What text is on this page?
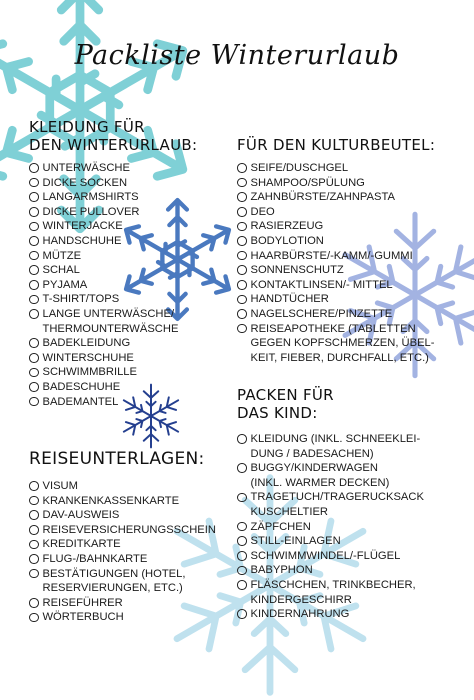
Packliste Winterurlaub
KLEIDUNG FÜR
DEN WINTERURLAUB:
UNTERWÄSCHE
DICKE SOCKEN
LANGARMSHIRTS
DICKE PULLOVER
WINTERJACKE
HANDSCHUHE
MÜTZE
SCHAL
PYJAMA
T-SHIRT/TOPS
LANGE UNTERWÄSCHE/
THERMOUNTERWÄSCHE
BADEKLEIDUNG
WINTERSCHUHE
SCHWIMMBRILLE
BADESCHUHE
BADEMANTEL
FÜR DEN KULTURBEUTEL:
SEIFE/DUSCHGEL
SHAMPOO/SPÜLUNG
ZAHNBÜRSTE/ZAHNPASTA
DEO
RASIERZEUG
BODYLOTION
HAARBÜRSTE/-KAMM/-GUMMI
SONNENSCHUTZ
KONTAKTLINSEN/- MITTEL
HANDTÜCHER
NAGELSCHERE/PINZETTE
REISEAPOTHEKE (TABLETTEN
GEGEN KOPFSCHMERZEN, ÜBEL-
KEIT, FIEBER, DURCHFALL, ETC.)
REISEUNTERLAGEN:
VISUM
KRANKENKASSENKARTE
DAV-AUSWEIS
REISEVERSICHERUNGSSCHEIN
KREDITKARTE
FLUG-/BAHNKARTE
BESTÄTIGUNGEN (HOTEL,
RESERVIERUNGEN, ETC.)
REISEFÜHRER
WÖRTERBUCH
PACKEN FÜR
DAS KIND:
KLEIDUNG (INKL. SCHNEEKLEI-
DUNG / BADESACHEN)
BUGGY/KINDERWAGEN
(INKL. WARMER DECKEN)
TRAGETUCH/TRAGERUCKSACK
KUSCHELTIER
ZÄPFCHEN
STILL-EINLAGEN
SCHWIMMWINDEL/-FLÜGEL
BABYPHON
FLÄSCHCHEN, TRINKBECHER,
KINDERGESCHIRR
KINDERNAHRUNG
